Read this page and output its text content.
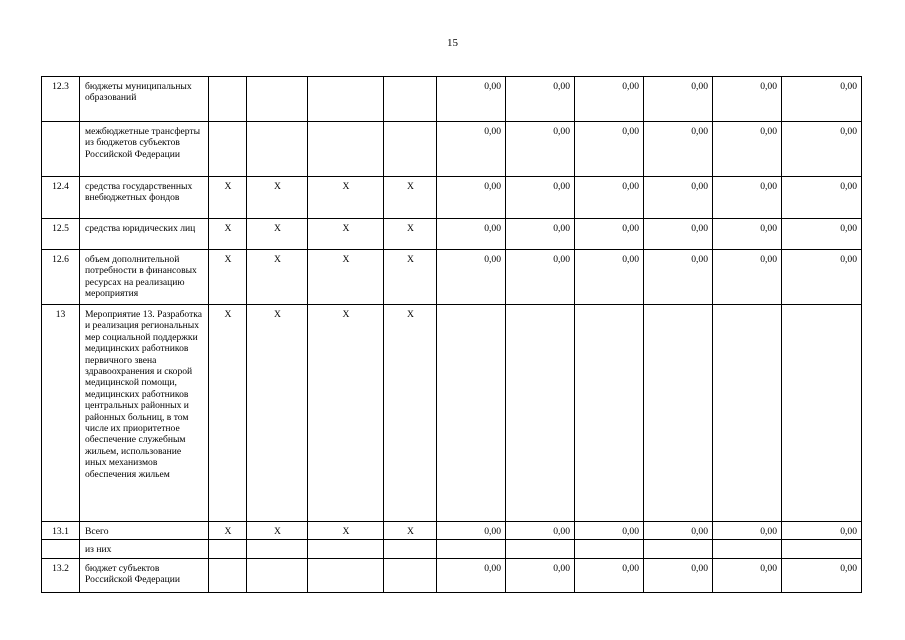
15
12.3	бюджеты муниципальных образований					0,00	0,00	0,00	0,00	0,00	0,00
	межбюджетные трансферты из бюджетов субъектов Российской Федерации					0,00	0,00	0,00	0,00	0,00	0,00
12.4	средства государственных внебюджетных фондов	X	X	X	X	0,00	0,00	0,00	0,00	0,00	0,00
12.5	средства юридических лиц	X	X	X	X	0,00	0,00	0,00	0,00	0,00	0,00
12.6	объем дополнительной потребности в финансовых ресурсах на реализацию мероприятия	X	X	X	X	0,00	0,00	0,00	0,00	0,00	0,00
13	Мероприятие 13. Разработка и реализация региональных мер социальной поддержки медицинских работников первичного звена здравоохранения и скорой медицинской помощи, медицинских работников центральных районных и районных больниц, в том числе их приоритетное обеспечение служебным жильем, использование иных механизмов обеспечения жильем	X	X	X	X						
13.1	Всего	X	X	X	X	0,00	0,00	0,00	0,00	0,00	0,00
	из них										
13.2	бюджет субъектов Российской Федерации					0,00	0,00	0,00	0,00	0,00	0,00
